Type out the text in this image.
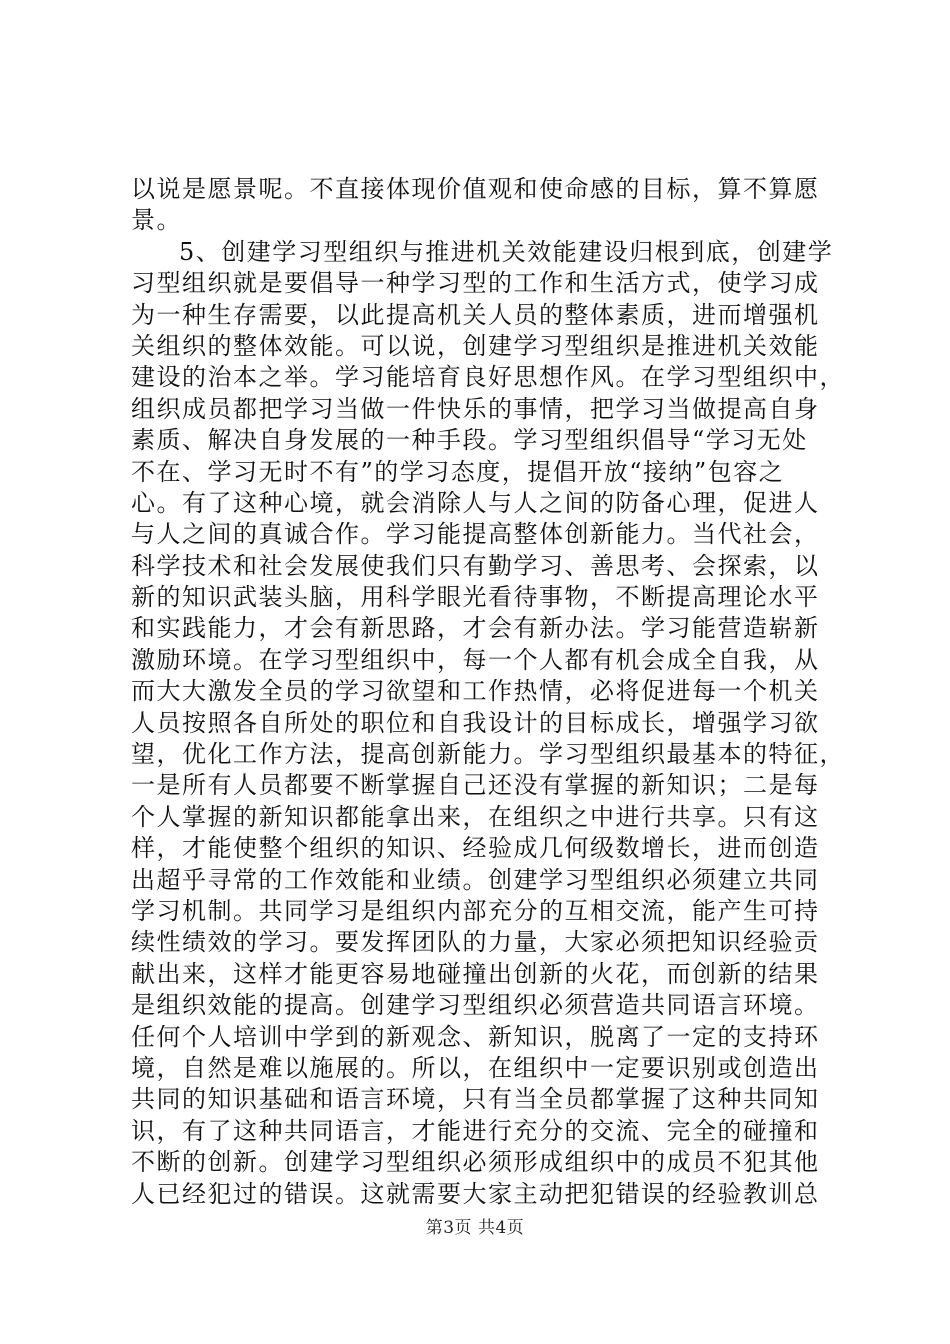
以说是愿景呢。不直接体现价值观和使命感的目标，算不算愿
景。
5、创建学习型组织与推进机关效能建设归根到底，创建学
习型组织就是要倡导一种学习型的工作和生活方式，使学习成
为一种生存需要，以此提高机关人员的整体素质，进而增强机
关组织的整体效能。可以说，创建学习型组织是推进机关效能
建设的治本之举。学习能培育良好思想作风。在学习型组织中，
组织成员都把学习当做一件快乐的事情，把学习当做提高自身
素质、解决自身发展的一种手段。学习型组织倡导“学习无处
不在、学习无时不有”的学习态度，提倡开放“接纳”包容之
心。有了这种心境，就会消除人与人之间的防备心理，促进人
与人之间的真诚合作。学习能提高整体创新能力。当代社会，
科学技术和社会发展使我们只有勤学习、善思考、会探索，以
新的知识武装头脑，用科学眼光看待事物，不断提高理论水平
和实践能力，才会有新思路，才会有新办法。学习能营造崭新
激励环境。在学习型组织中，每一个人都有机会成全自我，从
而大大激发全员的学习欲望和工作热情，必将促进每一个机关
人员按照各自所处的职位和自我设计的目标成长，增强学习欲
望，优化工作方法，提高创新能力。学习型组织最基本的特征，
一是所有人员都要不断掌握自己还没有掌握的新知识；二是每
个人掌握的新知识都能拿出来，在组织之中进行共享。只有这
样，才能使整个组织的知识、经验成几何级数增长，进而创造
出超乎寻常的工作效能和业绩。创建学习型组织必须建立共同
学习机制。共同学习是组织内部充分的互相交流，能产生可持
续性绩效的学习。要发挥团队的力量，大家必须把知识经验贡
献出来，这样才能更容易地碰撞出创新的火花，而创新的结果
是组织效能的提高。创建学习型组织必须营造共同语言环境。
任何个人培训中学到的新观念、新知识，脱离了一定的支持环
境，自然是难以施展的。所以，在组织中一定要识别或创造出
共同的知识基础和语言环境，只有当全员都掌握了这种共同知
识，有了这种共同语言，才能进行充分的交流、完全的碰撞和
不断的创新。创建学习型组织必须形成组织中的成员不犯其他
人已经犯过的错误。这就需要大家主动把犯错误的经验教训总
第3页 共4页
